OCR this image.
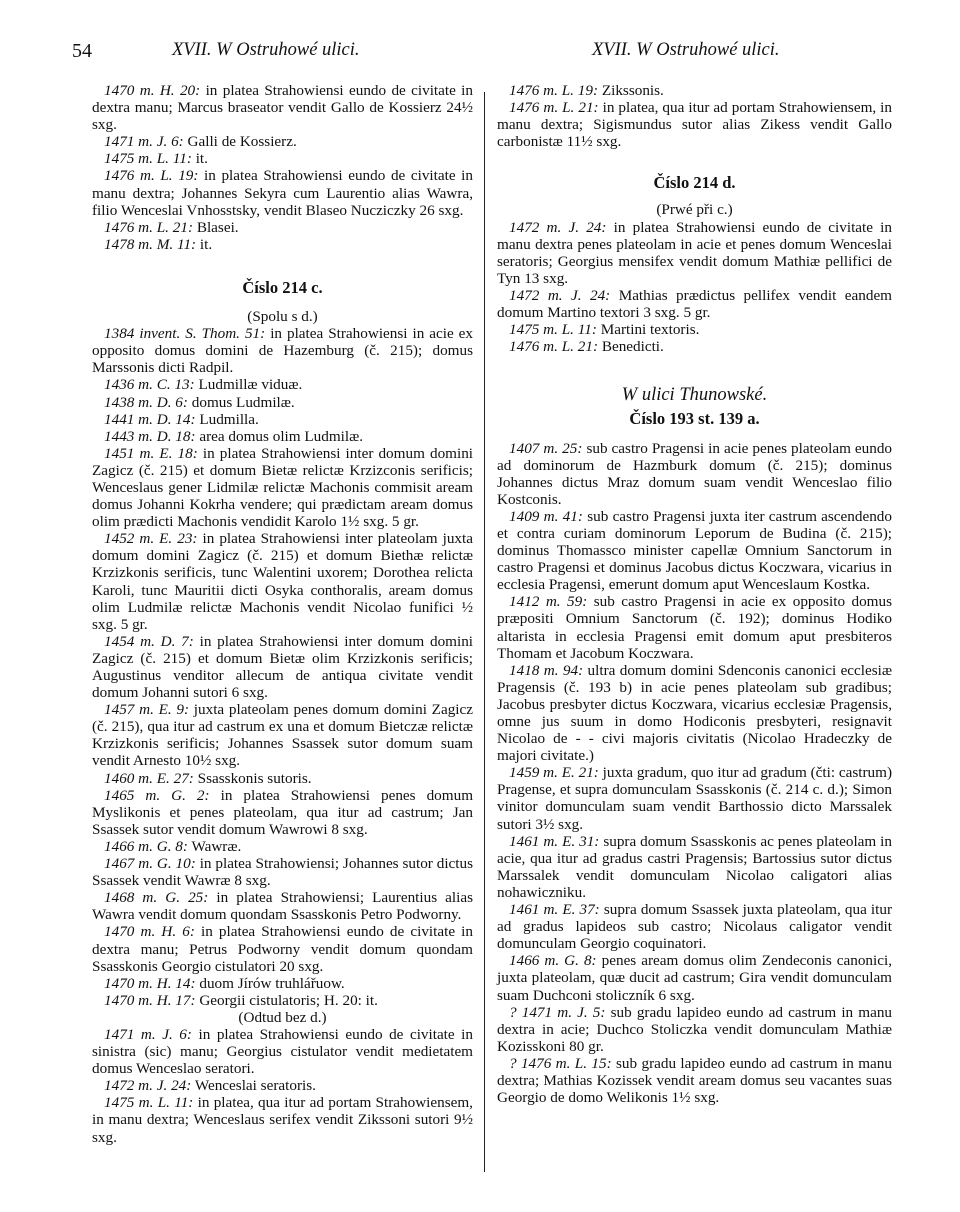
54	XVII. W Ostruhowé ulici.	XVII. W Ostruhowé ulici.

1470 m. H. 20: in platea Strahowiensi eundo de civitate in dextra manu; Marcus braseator vendit Gallo de Kossierz 24½ sxg.

1471 m. J. 6: Galli de Kossierz.

1475 m. L. 11: it.

1476 m. L. 19: in platea Strahowiensi eundo de civitate in manu dextra; Johannes Sekyra cum Laurentio alias Wawra, filio Wenceslai Vnhosstsky, vendit Blaseo Nucziczky 26 sxg.

1476 m. L. 21: Blasei.

1478 m. M. 11: it.

Číslo 214 c.

(Spolu s d.)

1384 invent. S. Thom. 51: in platea Strahowiensi in acie ex opposito domus domini de Hazemburg (č. 215); domus Marssonis dicti Radpil.

1436 m. C. 13: Ludmillæ viduæ.

1438 m. D. 6: domus Ludmilæ.

1441 m. D. 14: Ludmilla.

1443 m. D. 18: area domus olim Ludmilæ.

1451 m. E. 18: in platea Strahowiensi inter domum domini Zagicz (č. 215) et domum Bietæ relictæ Krzizconis serificis; Wenceslaus gener Lidmilæ relictæ Machonis commisit aream domus Johanni Kokrha vendere; qui prædictam aream domus olim prædicti Machonis vendidit Karolo 1½ sxg. 5 gr.

1452 m. E. 23: in platea Strahowiensi inter plateolam juxta domum domini Zagicz (č. 215) et domum Biethæ relictæ Krzizkonis serificis, tunc Walentini uxorem; Dorothea relicta Karoli, tunc Mauritii dicti Osyka conthoralis, aream domus olim Ludmilæ relictæ Machonis vendit Nicolao funifici ½ sxg. 5 gr.

1454 m. D. 7: in platea Strahowiensi inter domum domini Zagicz (č. 215) et domum Bietæ olim Krzizkonis serificis; Augustinus venditor allecum de antiqua civitate vendit domum Johanni sutori 6 sxg.

1457 m. E. 9: juxta plateolam penes domum domini Zagicz (č. 215), qua itur ad castrum ex una et domum Bietczæ relictæ Krzizkonis serificis; Johannes Ssassek sutor domum suam vendit Arnesto 10½ sxg.

1460 m. E. 27: Ssasskonis sutoris.

1465 m. G. 2: in platea Strahowiensi penes domum Myslikonis et penes plateolam, qua itur ad castrum; Jan Ssassek sutor vendit domum Wawrowi 8 sxg.

1466 m. G. 8: Wawræ.

1467 m. G. 10: in platea Strahowiensi; Johannes sutor dictus Ssassek vendit Wawræ 8 sxg.

1468 m. G. 25: in platea Strahowiensi; Laurentius alias Wawra vendit domum quondam Ssasskonis Petro Podworny.

1470 m. H. 6: in platea Strahowiensi eundo de civitate in dextra manu; Petrus Podworny vendit domum quondam Ssasskonis Georgio cistulatori 20 sxg.

1470 m. H. 14: duom Jírów truhlářuow.

1470 m. H. 17: Georgii cistulatoris; H. 20: it.

(Odtud bez d.)

1471 m. J. 6: in platea Strahowiensi eundo de civitate in sinistra (sic) manu; Georgius cistulator vendit medietatem domus Wenceslao seratori.

1472 m. J. 24: Wenceslai seratoris.

1475 m. L. 11: in platea, qua itur ad portam Strahowiensem, in manu dextra; Wenceslaus serifex vendit Zikssoni sutori 9½ sxg.

1476 m. L. 19: Zikssonis.

1476 m. L. 21: in platea, qua itur ad portam Strahowiensem, in manu dextra; Sigismundus sutor alias Zikess vendit Gallo carbonistæ 11½ sxg.

Číslo 214 d.

(Prwé při c.)

1472 m. J. 24: in platea Strahowiensi eundo de civitate in manu dextra penes plateolam in acie et penes domum Wenceslai seratoris; Georgius mensifex vendit domum Mathiæ pellifici de Tyn 13 sxg.

1472 m. J. 24: Mathias prædictus pellifex vendit eandem domum Martino textori 3 sxg. 5 gr.

1475 m. L. 11: Martini textoris.

1476 m. L. 21: Benedicti.

W ulici Thunowské.

Číslo 193 st. 139 a.

1407 m. 25: sub castro Pragensi in acie penes plateolam eundo ad dominorum de Hazmburk domum (č. 215); dominus Johannes dictus Mraz domum suam vendit Wenceslao filio Kostconis.

1409 m. 41: sub castro Pragensi juxta iter castrum ascendendo et contra curiam dominorum Leporum de Budina (č. 215); dominus Thomassco minister capellæ Omnium Sanctorum in castro Pragensi et dominus Jacobus dictus Koczwara, vicarius in ecclesia Pragensi, emerunt domum aput Wenceslaum Kostka.

1412 m. 59: sub castro Pragensi in acie ex opposito domus præpositi Omnium Sanctorum (č. 192); dominus Hodiko altarista in ecclesia Pragensi emit domum aput presbiteros Thomam et Jacobum Koczwara.

1418 m. 94: ultra domum domini Sdenconis canonici ecclesiæ Pragensis (č. 193 b) in acie penes plateolam sub gradibus; Jacobus presbyter dictus Koczwara, vicarius ecclesiæ Pragensis, omne jus suum in domo Hodiconis presbyteri, resignavit Nicolao de - - civi majoris civitatis (Nicolao Hradeczky de majori civitate.)

1459 m. E. 21: juxta gradum, quo itur ad gradum (čti: castrum) Pragense, et supra domunculam Ssasskonis (č. 214 c. d.); Simon vinitor domunculam suam vendit Barthossio dicto Marssalek sutori 3½ sxg.

1461 m. E. 31: supra domum Ssasskonis ac penes plateolam in acie, qua itur ad gradus castri Pragensis; Bartossius sutor dictus Marssalek vendit domunculam Nicolao caligatori alias nohawiczniku.

1461 m. E. 37: supra domum Ssassek juxta plateolam, qua itur ad gradus lapideos sub castro; Nicolaus caligator vendit domunculam Georgio coquinatori.

1466 m. G. 8: penes aream domus olim Zendeconis canonici, juxta plateolam, quæ ducit ad castrum; Gira vendit domunculam suam Duchconi stoliczník 6 sxg.

? 1471 m. J. 5: sub gradu lapideo eundo ad castrum in manu dextra in acie; Duchco Stoliczka vendit domunculam Mathiæ Kozisskoni 80 gr.

? 1476 m. L. 15: sub gradu lapideo eundo ad castrum in manu dextra; Mathias Kozissek vendit aream domus seu vacantes suas Georgio de domo Welikonis 1½ sxg.
